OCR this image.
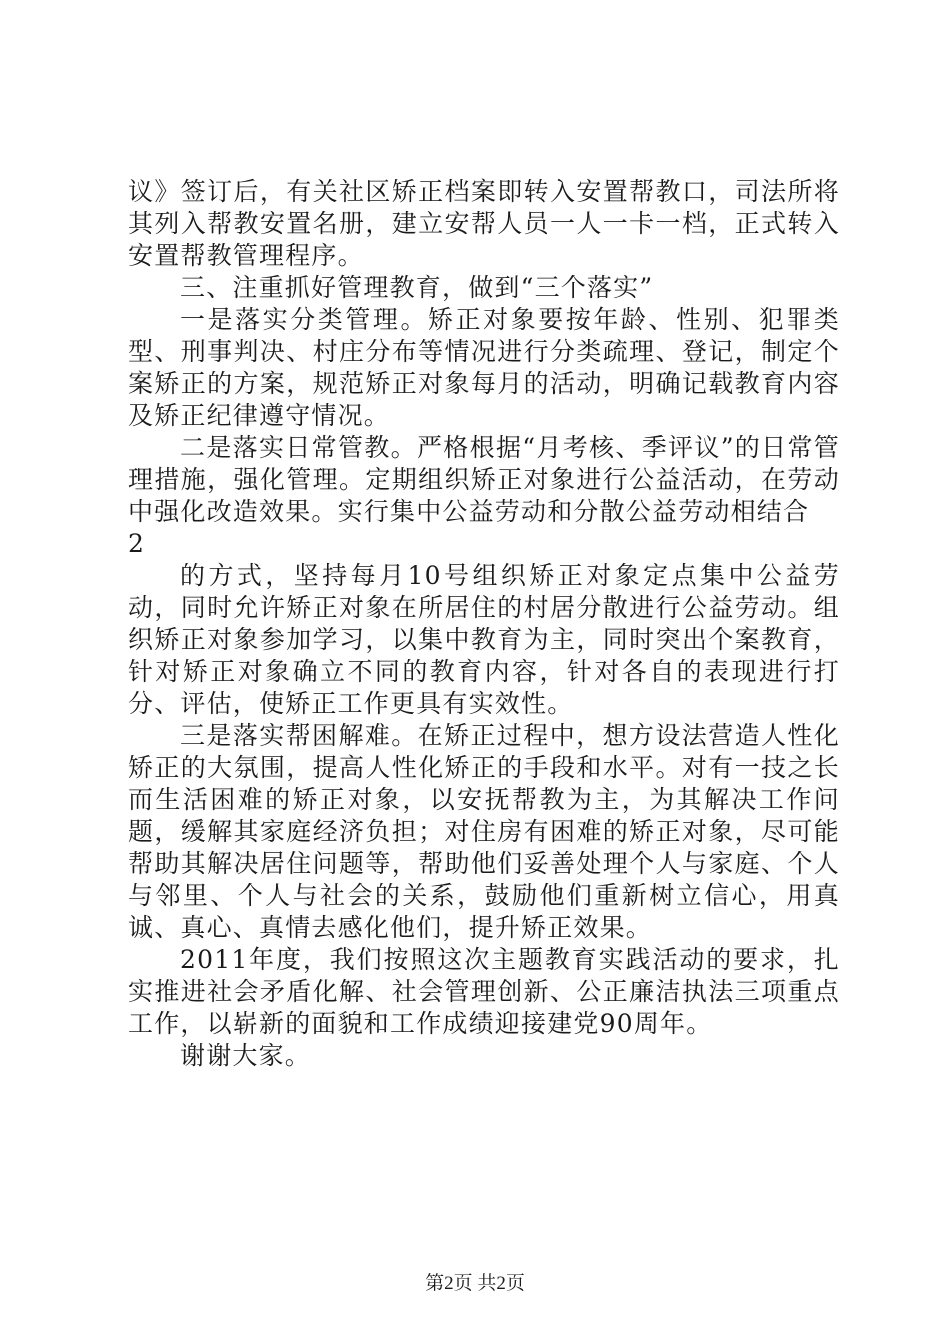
议》签订后，有关社区矫正档案即转入安置帮教口，司法所将其列入帮教安置名册，建立安帮人员一人一卡一档，正式转入安置帮教管理程序。

三、注重抓好管理教育，做到“三个落实”

一是落实分类管理。矫正对象要按年龄、性别、犯罪类型、刑事判决、村庄分布等情况进行分类疏理、登记，制定个案矫正的方案，规范矫正对象每月的活动，明确记载教育内容及矫正纪律遵守情况。

二是落实日常管教。严格根据“月考核、季评议”的日常管理措施，强化管理。定期组织矫正对象进行公益活动，在劳动中强化改造效果。实行集中公益劳动和分散公益劳动相结合

2

的方式，坚持每月10号组织矫正对象定点集中公益劳动，同时允许矫正对象在所居住的村居分散进行公益劳动。组织矫正对象参加学习，以集中教育为主，同时突出个案教育，针对矫正对象确立不同的教育内容，针对各自的表现进行打分、评估，使矫正工作更具有实效性。

三是落实帮困解难。在矫正过程中，想方设法营造人性化矫正的大氛围，提高人性化矫正的手段和水平。对有一技之长而生活困难的矫正对象，以安抚帮教为主，为其解决工作问题，缓解其家庭经济负担；对住房有困难的矫正对象，尽可能帮助其解决居住问题等，帮助他们妥善处理个人与家庭、个人与邻里、个人与社会的关系，鼓励他们重新树立信心，用真诚、真心、真情去感化他们，提升矫正效果。

2011年度，我们按照这次主题教育实践活动的要求，扎实推进社会矛盾化解、社会管理创新、公正廉洁执法三项重点工作，以崭新的面貌和工作成绩迎接建党90周年。

谢谢大家。

第2页 共2页
